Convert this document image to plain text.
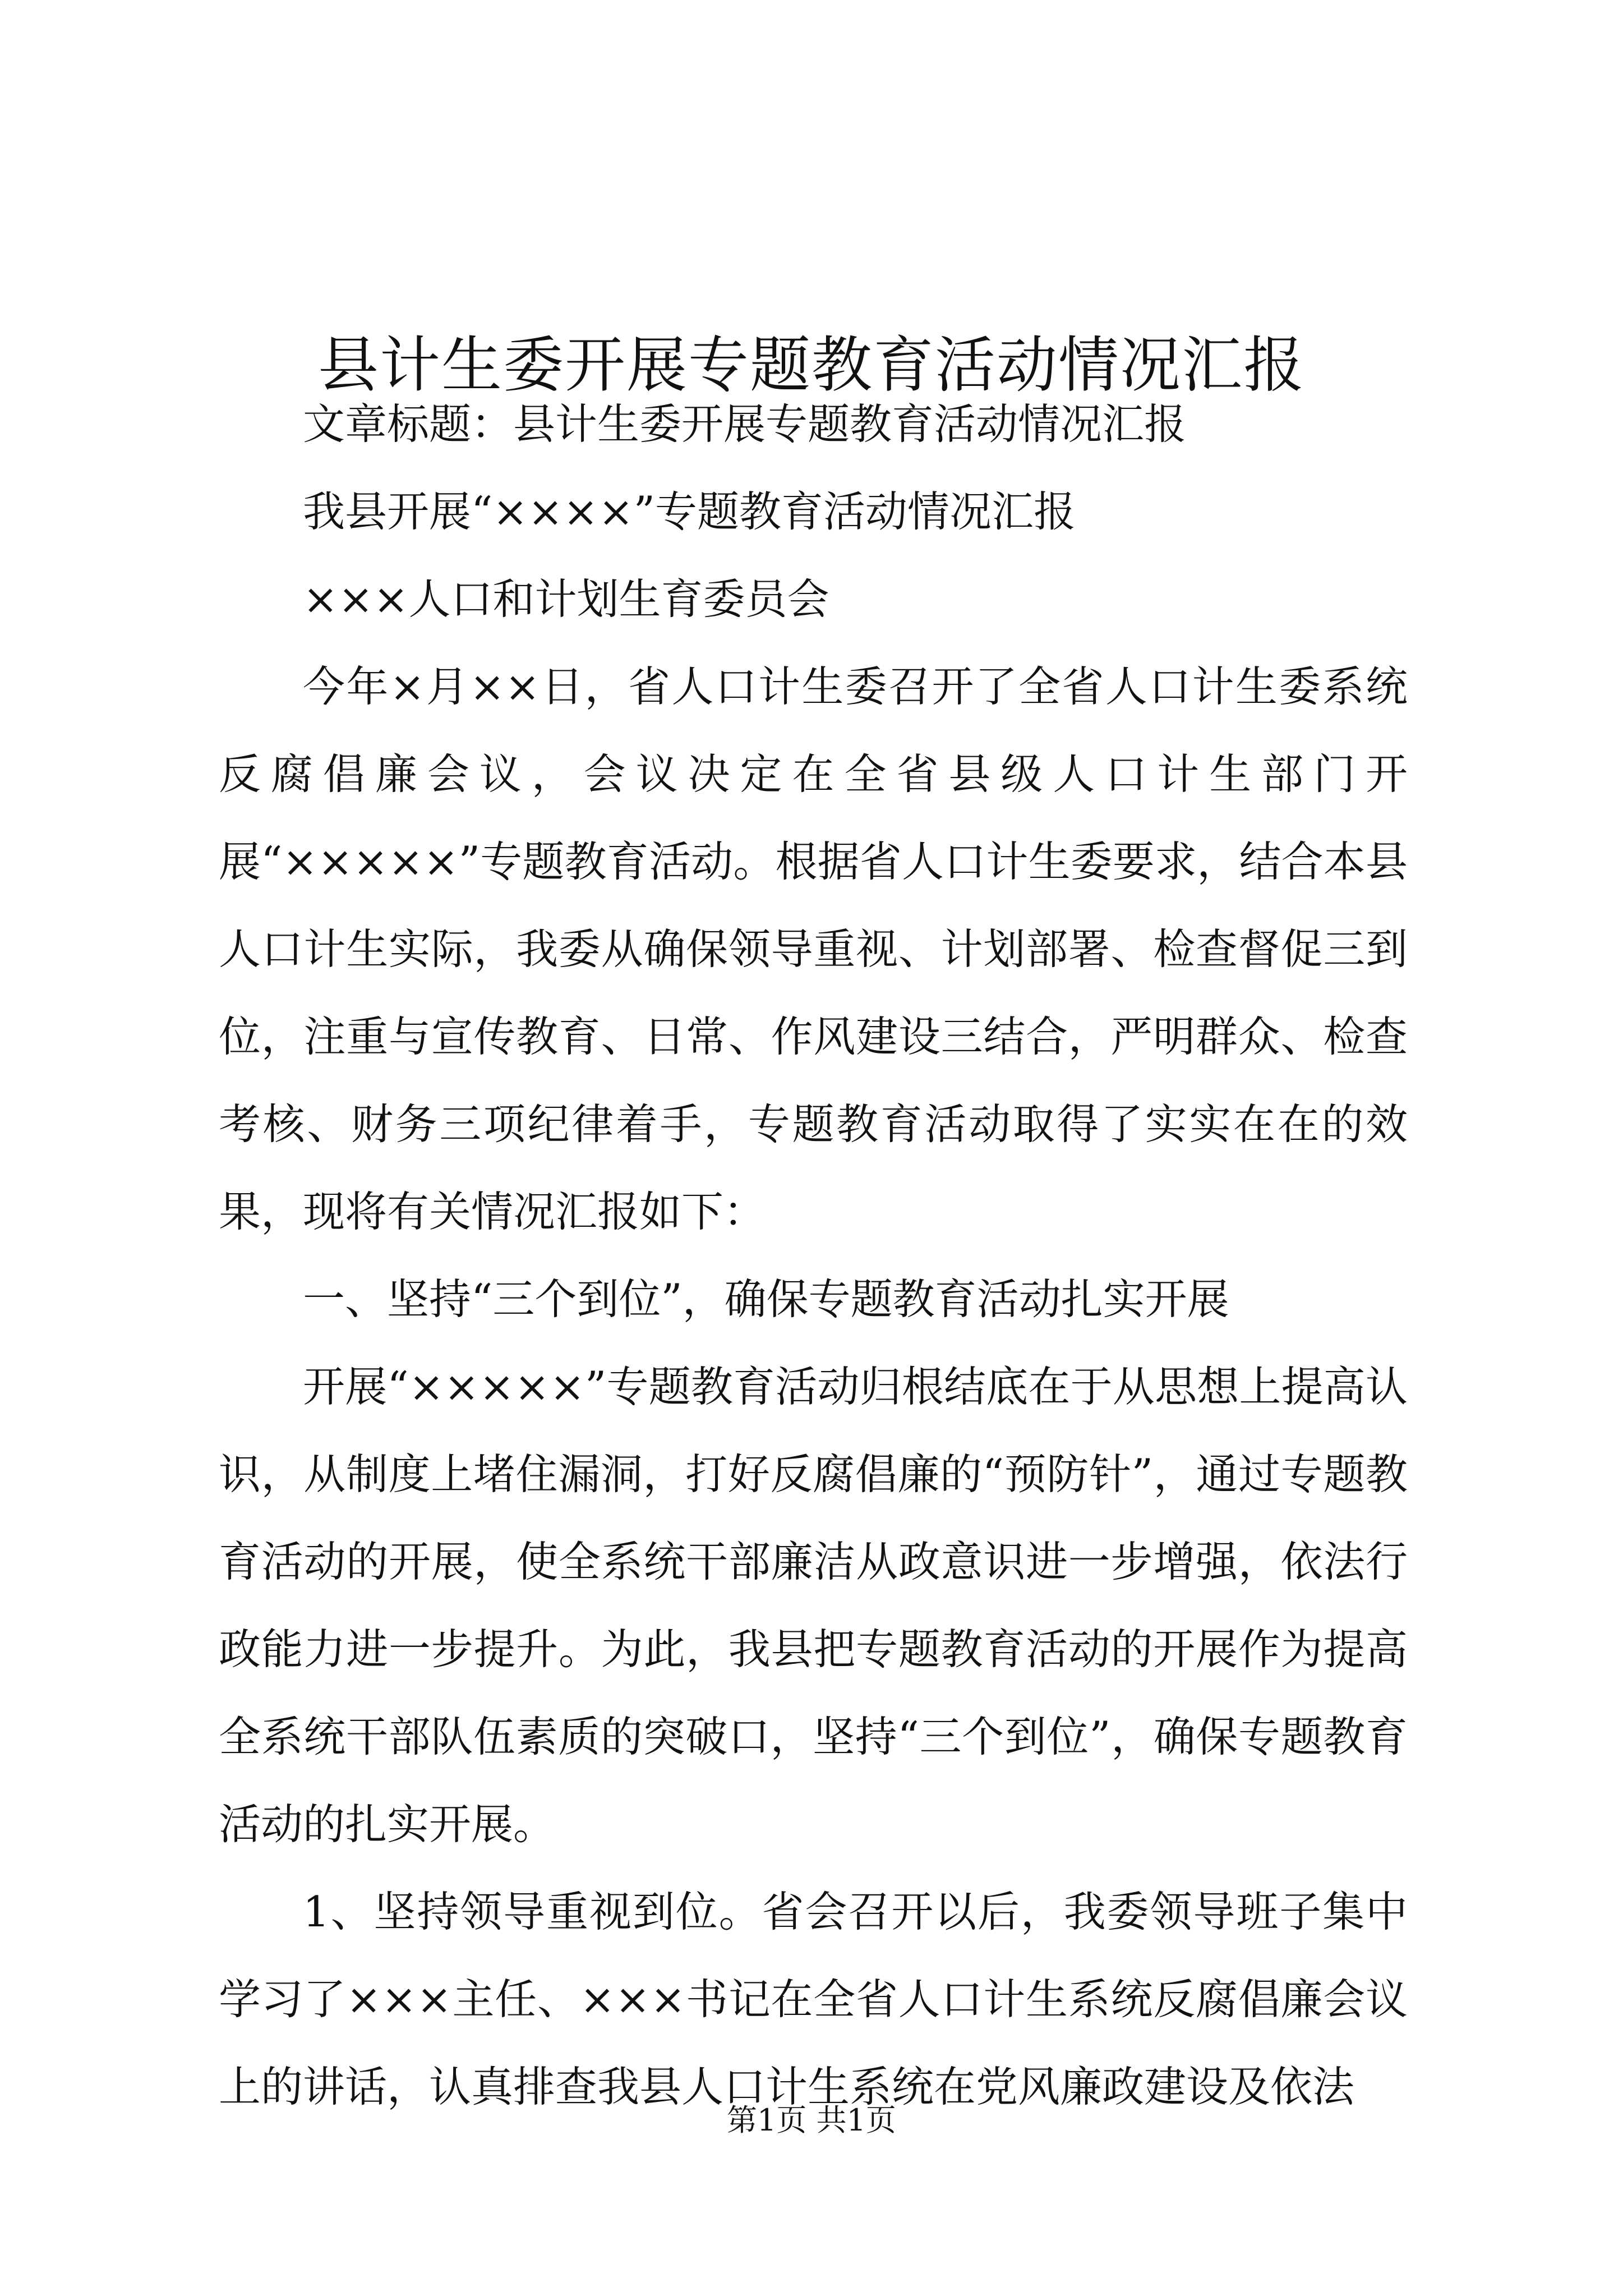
县计生委开展专题教育活动情况汇报

文章标题：县计生委开展专题教育活动情况汇报

我县开展“××××”专题教育活动情况汇报

×××人口和计划生育委员会

今年×月××日，省人口计生委召开了全省人口计生委系统反腐倡廉会议，会议决定在全省县级人口计生部门开展“×××××”专题教育活动。根据省人口计生委要求，结合本县人口计生实际，我委从确保领导重视、计划部署、检查督促三到位，注重与宣传教育、日常、作风建设三结合，严明群众、检查考核、财务三项纪律着手，专题教育活动取得了实实在在的效果，现将有关情况汇报如下：

一、坚持“三个到位”，确保专题教育活动扎实开展

开展“×××××”专题教育活动归根结底在于从思想上提高认识，从制度上堵住漏洞，打好反腐倡廉的“预防针”，通过专题教育活动的开展，使全系统干部廉洁从政意识进一步增强，依法行政能力进一步提升。为此，我县把专题教育活动的开展作为提高全系统干部队伍素质的突破口，坚持“三个到位”，确保专题教育活动的扎实开展。

1、坚持领导重视到位。省会召开以后，我委领导班子集中学习了×××主任、×××书记在全省人口计生系统反腐倡廉会议上的讲话，认真排查我县人口计生系统在党风廉政建设及依法

第1页 共1页
